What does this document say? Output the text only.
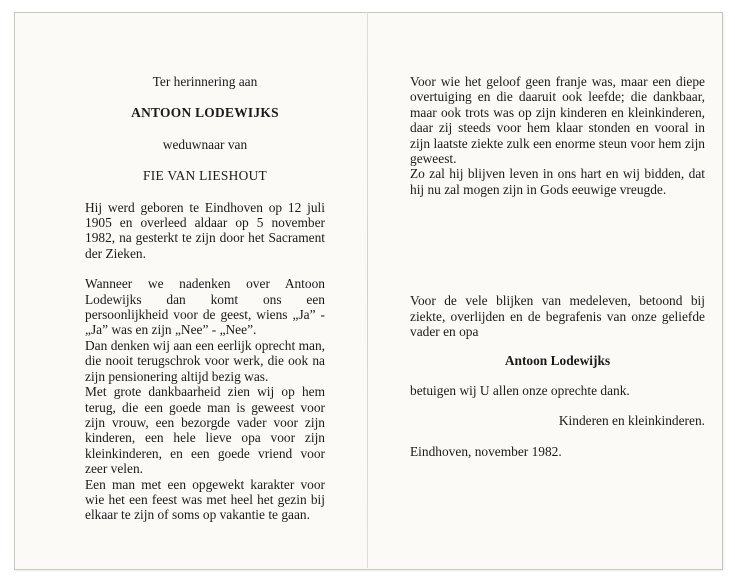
Ter herinnering aan

ANTOON LODEWIJKS

weduwnaar van

FIE VAN LIESHOUT

Hij werd geboren te Eindhoven op 12 juli 1905 en overleed aldaar op 5 november 1982, na gesterkt te zijn door het Sacrament der Zieken.

Wanneer we nadenken over Antoon Lodewijks dan komt ons een persoonlijkheid voor de geest, wiens „Ja” - „Ja” was en zijn „Nee” - „Nee”.

Dan denken wij aan een eerlijk oprecht man, die nooit terugschrok voor werk, die ook na zijn pensionering altijd bezig was.

Met grote dankbaarheid zien wij op hem terug, die een goede man is geweest voor zijn vrouw, een bezorgde vader voor zijn kinderen, een hele lieve opa voor zijn kleinkinderen, en een goede vriend voor zeer velen.

Een man met een opgewekt karakter voor wie het een feest was met heel het gezin bij elkaar te zijn of soms op vakantie te gaan.

Voor wie het geloof geen franje was, maar een diepe overtuiging en die daaruit ook leefde; die dankbaar, maar ook trots was op zijn kinderen en kleinkinderen, daar zij steeds voor hem klaar stonden en vooral in zijn laatste ziekte zulk een enorme steun voor hem zijn geweest.

Zo zal hij blijven leven in ons hart en wij bidden, dat hij nu zal mogen zijn in Gods eeuwige vreugde.

Voor de vele blijken van medeleven, betoond bij ziekte, overlijden en de begrafenis van onze geliefde vader en opa

Antoon Lodewijks

betuigen wij U allen onze oprechte dank.

Kinderen en kleinkinderen.

Eindhoven, november 1982.
